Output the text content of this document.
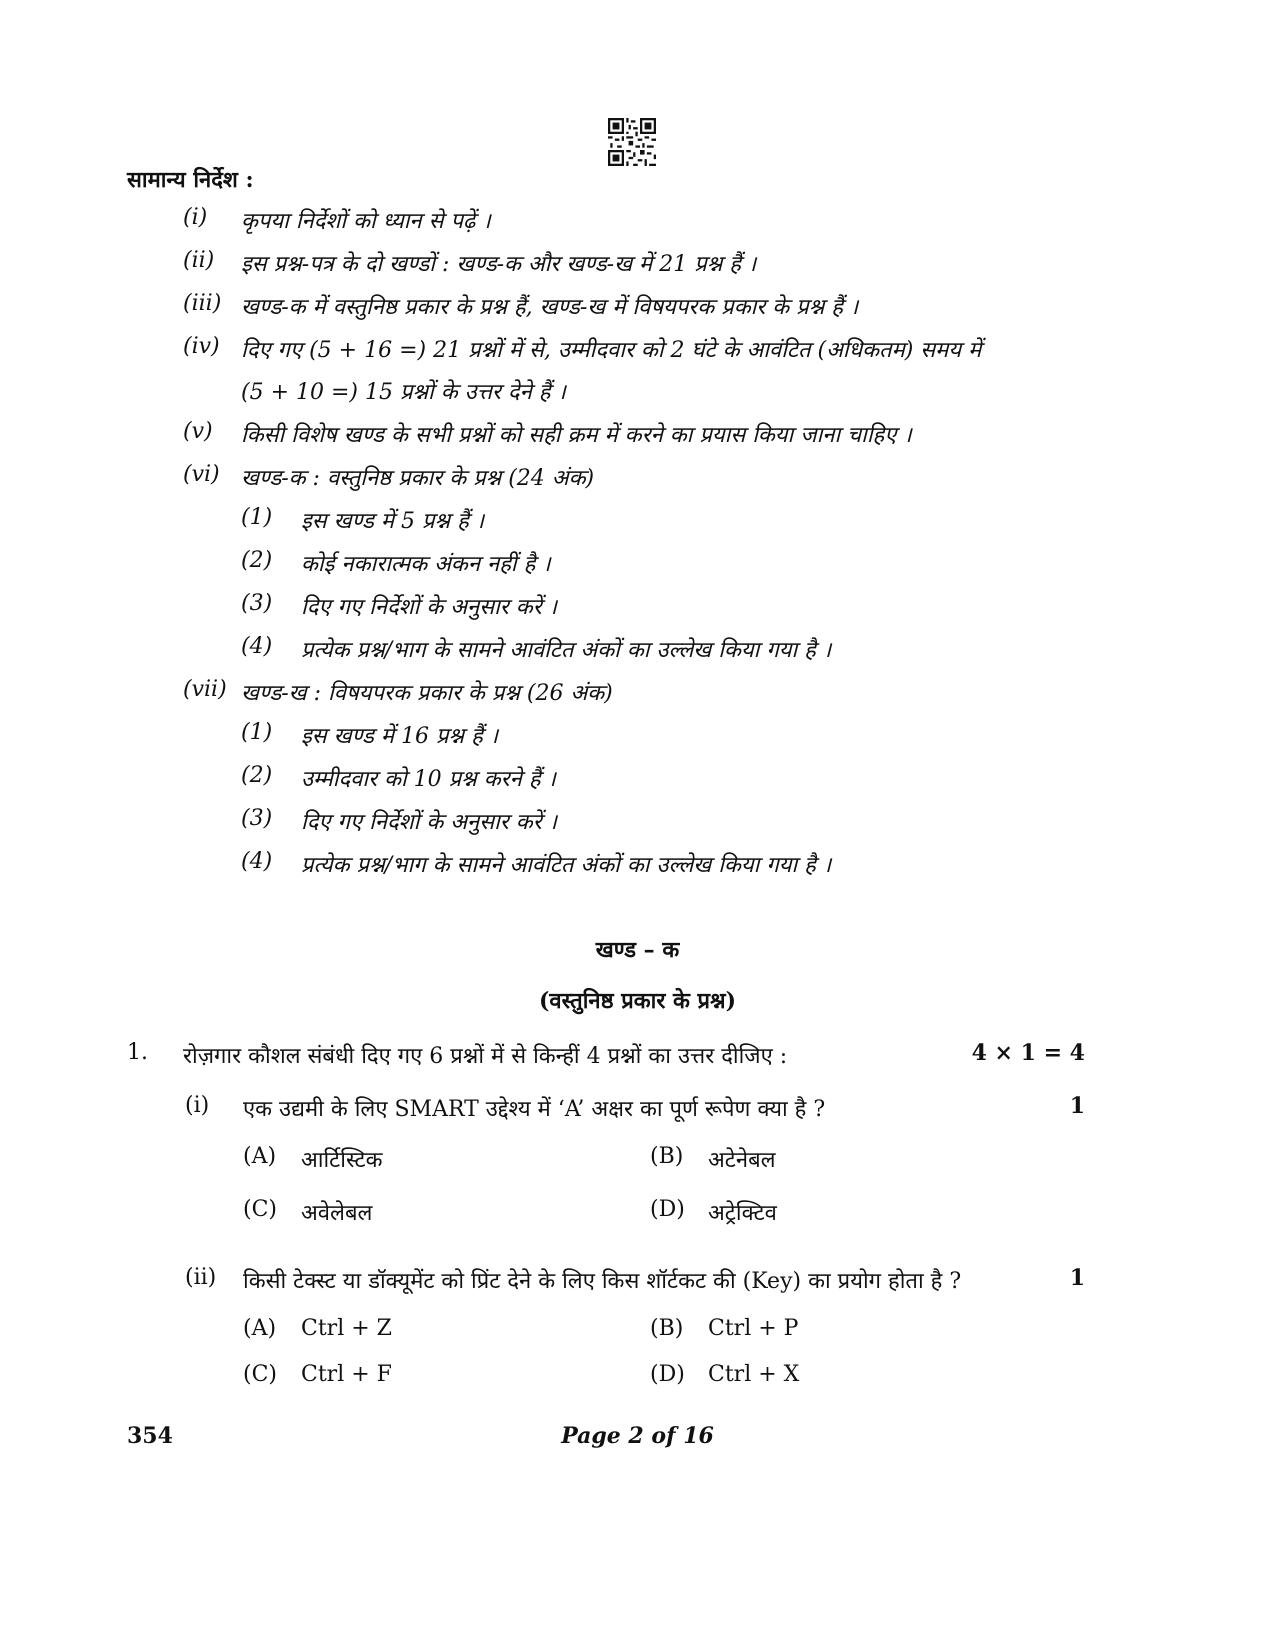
सामान्य निर्देश :
(i) कृपया निर्देशों को ध्यान से पढ़ें ।
(ii) इस प्रश्न-पत्र के दो खण्डों : खण्ड-क और खण्ड-ख में 21 प्रश्न हैं ।
(iii) खण्ड-क में वस्तुनिष्ठ प्रकार के प्रश्न हैं, खण्ड-ख में विषयपरक प्रकार के प्रश्न हैं ।
(iv) दिए गए (5 + 16 =) 21 प्रश्नों में से, उम्मीदवार को 2 घंटे के आवंटित (अधिकतम) समय में
(5 + 10 =) 15 प्रश्नों के उत्तर देने हैं ।
(v) किसी विशेष खण्ड के सभी प्रश्नों को सही क्रम में करने का प्रयास किया जाना चाहिए ।
(vi) खण्ड-क : वस्तुनिष्ठ प्रकार के प्रश्न (24 अंक)
(1) इस खण्ड में 5 प्रश्न हैं ।
(2) कोई नकारात्मक अंकन नहीं है ।
(3) दिए गए निर्देशों के अनुसार करें ।
(4) प्रत्येक प्रश्न/भाग के सामने आवंटित अंकों का उल्लेख किया गया है ।
(vii) खण्ड-ख : विषयपरक प्रकार के प्रश्न (26 अंक)
(1) इस खण्ड में 16 प्रश्न हैं ।
(2) उम्मीदवार को 10 प्रश्न करने हैं ।
(3) दिए गए निर्देशों के अनुसार करें ।
(4) प्रत्येक प्रश्न/भाग के सामने आवंटित अंकों का उल्लेख किया गया है ।
खण्ड – क
(वस्तुनिष्ठ प्रकार के प्रश्न)
1. रोज़गार कौशल संबंधी दिए गए 6 प्रश्नों में से किन्हीं 4 प्रश्नों का उत्तर दीजिए :	4 × 1 = 4
(i) एक उद्यमी के लिए SMART उद्देश्य में ‘A’ अक्षर का पूर्ण रूपेण क्या है ?	1
(A) आर्टिस्टिक	(B) अटेनेबल
(C) अवेलेबल	(D) अट्रेक्टिव
(ii) किसी टेक्स्ट या डॉक्यूमेंट को प्रिंट देने के लिए किस शॉर्टकट की (Key) का प्रयोग होता है ?	1
(A) Ctrl + Z	(B) Ctrl + P
(C) Ctrl + F	(D) Ctrl + X
354	Page 2 of 16
